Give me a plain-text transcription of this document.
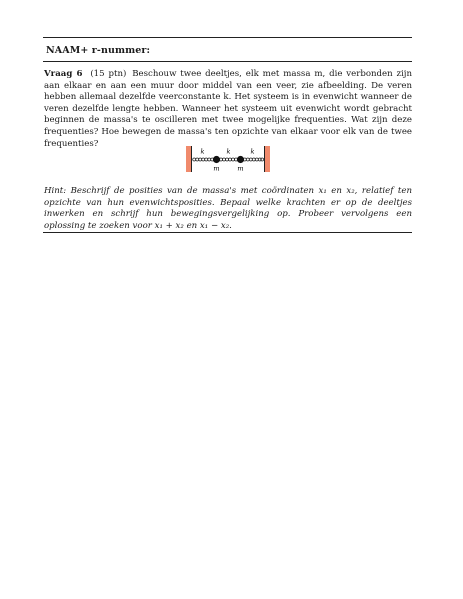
NAAM+ r-nummer:
Vraag 6 (15 ptn) Beschouw twee deeltjes, elk met massa m, die verbonden zijn aan elkaar en aan een muur door middel van een veer, zie afbeelding. De veren hebben allemaal dezelfde veerconstante k. Het systeem is in evenwicht wanneer de veren dezelfde lengte hebben. Wanneer het systeem uit evenwicht wordt gebracht beginnen de massa's te oscilleren met twee mogelijke frequenties. Wat zijn deze frequenties? Hoe bewegen de massa's ten opzichte van elkaar voor elk van de twee frequenties?
k	k	k
m	m
Hint: Beschrijf de posities van de massa's met coördinaten x₁ en x₂, relatief ten opzichte van hun evenwichtsposities. Bepaal welke krachten er op de deeltjes inwerken en schrijf hun bewegingsvergelijking op. Probeer vervolgens een oplossing te zoeken voor x₁ + x₂ en x₁ − x₂.
